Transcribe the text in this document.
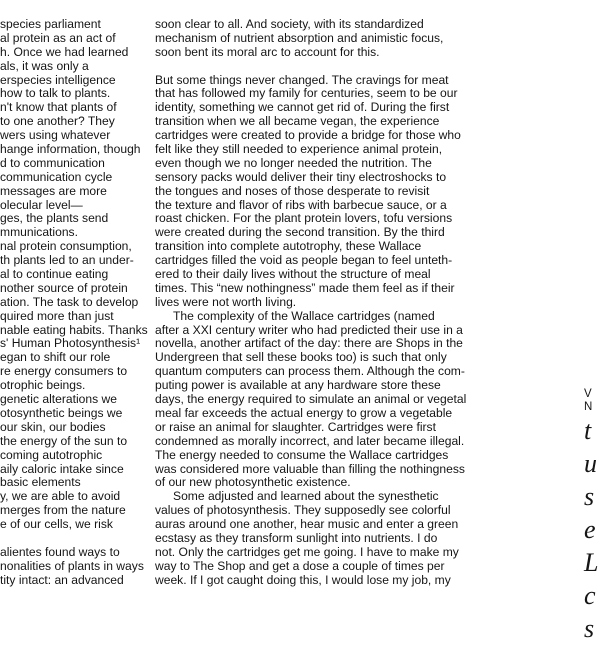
species parliament
al protein as an act of
h. Once we had learned
als, it was only a
erspecies intelligence
how to talk to plants.
n't know that plants of
to one another? They
wers using whatever
hange information, though
d to communication
communication cycle
messages are more
olecular level—
ges, the plants send
mmunications.
nal protein consumption,
th plants led to an under-
al to continue eating
nother source of protein
ation. The task to develop
quired more than just
nable eating habits. Thanks
s' Human Photosynthesis¹
egan to shift our role
re energy consumers to
otrophic beings.
genetic alterations we
otosynthetic beings we
our skin, our bodies
the energy of the sun to
coming autotrophic
aily caloric intake since
basic elements
y, we are able to avoid
merges from the nature
e of our cells, we risk
alientes found ways to
nonalities of plants in ways
tity intact: an advanced
soon clear to all. And society, with its standardized
mechanism of nutrient absorption and animistic focus,
soon bent its moral arc to account for this.
But some things never changed. The cravings for meat
that has followed my family for centuries, seem to be our
identity, something we cannot get rid of. During the first
transition when we all became vegan, the experience
cartridges were created to provide a bridge for those who
felt like they still needed to experience animal protein,
even though we no longer needed the nutrition. The
sensory packs would deliver their tiny electroshocks to
the tongues and noses of those desperate to revisit
the texture and flavor of ribs with barbecue sauce, or a
roast chicken. For the plant protein lovers, tofu versions
were created during the second transition. By the third
transition into complete autotrophy, these Wallace
cartridges filled the void as people began to feel unteth-
ered to their daily lives without the structure of meal
times. This “new nothingness” made them feel as if their
lives were not worth living.
The complexity of the Wallace cartridges (named
after a XXI century writer who had predicted their use in a
novella, another artifact of the day: there are Shops in the
Undergreen that sell these books too) is such that only
quantum computers can process them. Although the com-
puting power is available at any hardware store these
days, the energy required to simulate an animal or vegetal
meal far exceeds the actual energy to grow a vegetable
or raise an animal for slaughter. Cartridges were first
condemned as morally incorrect, and later became illegal.
The energy needed to consume the Wallace cartridges
was considered more valuable than filling the nothingness
of our new photosynthetic existence.
Some adjusted and learned about the synesthetic
values of photosynthesis. They supposedly see colorful
auras around one another, hear music and enter a green
ecstasy as they transform sunlight into nutrients. I do
not. Only the cartridges get me going. I have to make my
way to The Shop and get a dose a couple of times per
week. If I got caught doing this, I would lose my job, my
V
N
t
u
s
e
L
c
s
